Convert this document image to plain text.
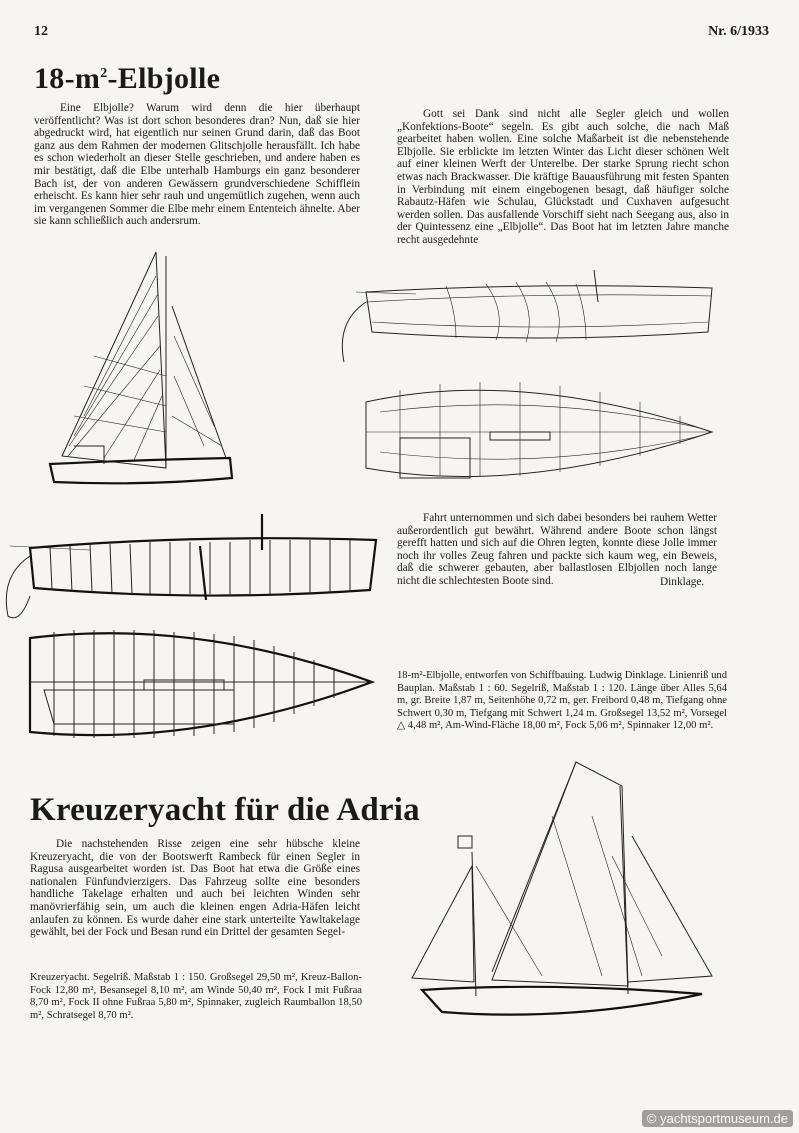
12	Nr. 6/1933
$18-m^2$-Elbjolle

Eine Elbjolle? Warum wird denn die hier überhaupt veröffentlicht? Was ist dort schon besonderes dran? Nun, daß sie hier abgedruckt wird, hat eigentlich nur seinen Grund darin, daß das Boot ganz aus dem Rahmen der modernen Glitschjolle herausfällt. Ich habe es schon wiederholt an dieser Stelle geschrieben, und andere haben es mir bestätigt, daß die Elbe unterhalb Hamburgs ein ganz besonderer Bach ist, der von anderen Gewässern grundverschiedene Schifflein erheischt. Es kann hier sehr rauh und ungemütlich zugehen, wenn auch im vergangenen Sommer die Elbe mehr einem Ententeich ähnelte. Aber sie kann schließlich auch andersrum.

Gott sei Dank sind nicht alle Segler gleich und wollen „Konfektions-Boote“ segeln. Es gibt auch solche, die nach Maß gearbeitet haben wollen. Eine solche Maßarbeit ist die nebenstehende Elbjolle. Sie erblickte im letzten Winter das Licht dieser schönen Welt auf einer kleinen Werft der Unterelbe. Der starke Sprung riecht schon etwas nach Brackwasser. Die kräftige Bauausführung mit festen Spanten in Verbindung mit einem eingebogenen besagt, daß häufiger solche Rabautz-Häfen wie Schulau, Glückstadt und Cuxhaven aufgesucht werden sollen. Das ausfallende Vorschiff sieht nach Seegang aus, also in der Quintessenz eine „Elbjolle“. Das Boot hat im letzten Jahre manche recht ausgedehnte

Fahrt unternommen und sich dabei besonders bei rauhem Wetter außerordentlich gut bewährt. Während andere Boote schon längst gerefft hatten und sich auf die Ohren legten, konnte diese Jolle immer noch ihr volles Zeug fahren und packte sich kaum weg, ein Beweis, daß die schwerer gebauten, aber ballastlosen Elbjollen noch lange nicht die schlechtesten Boote sind.	Dinklage.

18-m²-Elbjolle, entworfen von Schiffbauing. Ludwig Dinklage. Linienriß und Bauplan. Maßstab 1 : 60. Segelriß, Maßstab 1 : 120. Länge über Alles 5,64 m, gr. Breite 1,87 m, Seitenhöhe 0,72 m, ger. Freibord 0,48 m, Tiefgang ohne Schwert 0,30 m, Tiefgang mit Schwert 1,24 m. Großsegel 13,52 m², Vorsegel △ 4,48 m², Am-Wind-Fläche 18,00 m², Fock 5,06 m², Spinnaker 12,00 m².

Kreuzeryacht für die Adria

Die nachstehenden Risse zeigen eine sehr hübsche kleine Kreuzeryacht, die von der Bootswerft Rambeck für einen Segler in Ragusa ausgearbeitet worden ist. Das Boot hat etwa die Größe eines nationalen Fünfundvierzigers. Das Fahrzeug sollte eine besonders handliche Takelage erhalten und auch bei leichten Winden sehr manövrierfähig sein, um auch die kleinen engen Adria-Häfen leicht anlaufen zu können. Es wurde daher eine stark unterteilte Yawltakelage gewählt, bei der Fock und Besan rund ein Drittel der gesamten Segel-

Kreuzeryacht. Segelriß. Maßstab 1 : 150. Großsegel 29,50 m², Kreuz-Ballon-Fock 12,80 m², Besansegel 8,10 m², am Winde 50,40 m², Fock I mit Fußraa 8,70 m², Fock II ohne Fußraa 5,80 m², Spinnaker, zugleich Raumballon 18,50 m², Schratsegel 8,70 m².

© yachtsportmuseum.de
